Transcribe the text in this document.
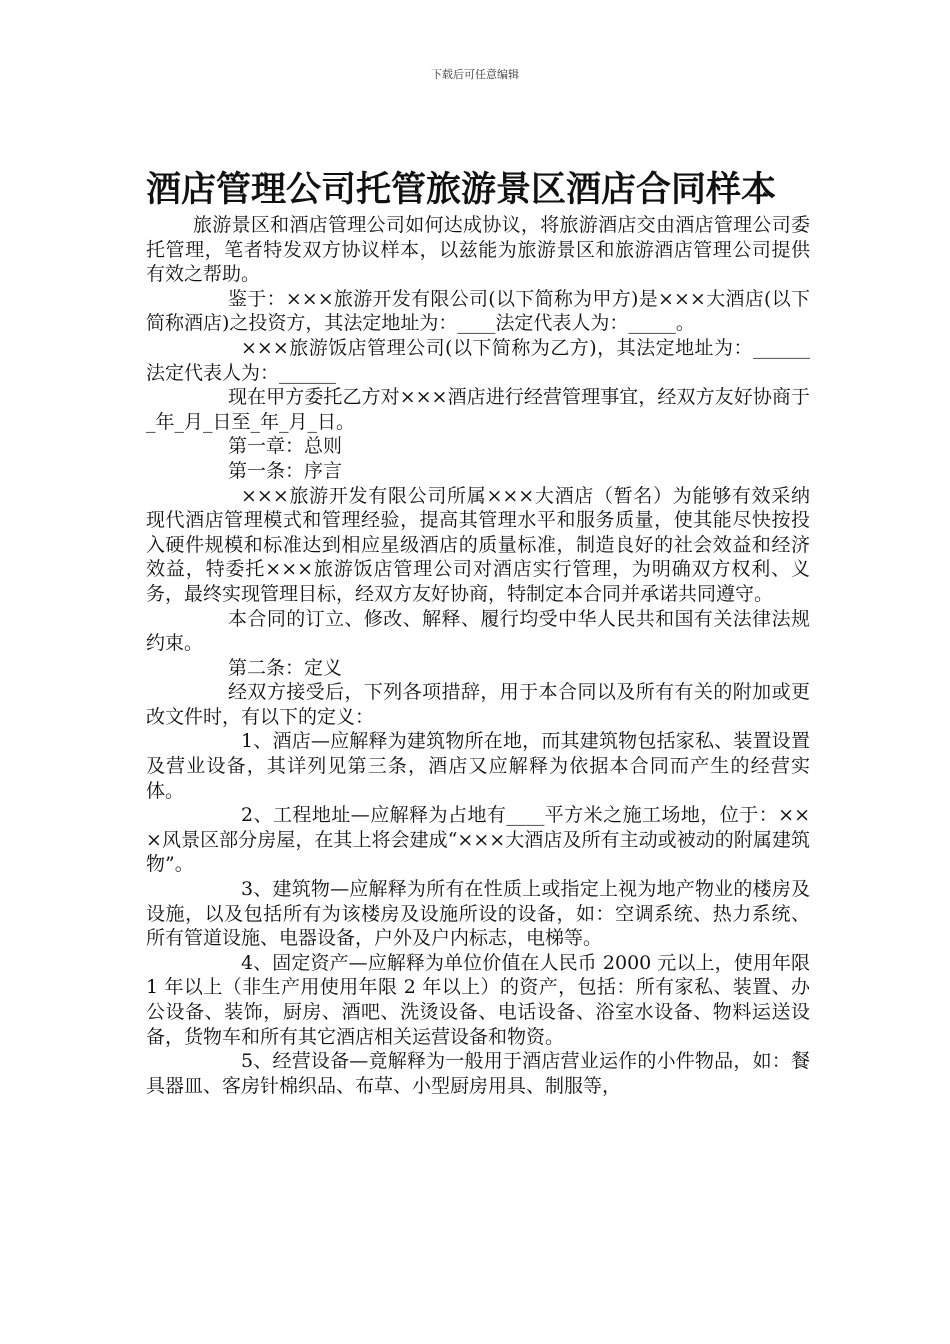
下载后可任意编辑
酒店管理公司托管旅游景区酒店合同样本

旅游景区和酒店管理公司如何达成协议，将旅游酒店交由酒店管理公司委托管理，笔者特发双方协议样本，以兹能为旅游景区和旅游酒店管理公司提供有效之帮助。

鉴于：×××旅游开发有限公司(以下简称为甲方)是×××大酒店(以下简称酒店)之投资方，其法定地址为：____法定代表人为：_____。

×××旅游饭店管理公司(以下简称为乙方)，其法定地址为：______法定代表人为：______

现在甲方委托乙方对×××酒店进行经营管理事宜，经双方友好协商于_年_月_日至_年_月_日。

第一章：总则

第一条：序言

×××旅游开发有限公司所属×××大酒店（暂名）为能够有效采纳现代酒店管理模式和管理经验，提高其管理水平和服务质量，使其能尽快按投入硬件规模和标准达到相应星级酒店的质量标准，制造良好的社会效益和经济效益，特委托×××旅游饭店管理公司对酒店实行管理，为明确双方权利、义务，最终实现管理目标，经双方友好协商，特制定本合同并承诺共同遵守。

本合同的订立、修改、解释、履行均受中华人民共和国有关法律法规约束。

第二条：定义

经双方接受后，下列各项措辞，用于本合同以及所有有关的附加或更改文件时，有以下的定义：

1、酒店—应解释为建筑物所在地，而其建筑物包括家私、装置设置及营业设备，其详列见第三条，酒店又应解释为依据本合同而产生的经营实体。

2、工程地址—应解释为占地有____平方米之施工场地，位于：×××风景区部分房屋，在其上将会建成“×××大酒店及所有主动或被动的附属建筑物”。

3、建筑物—应解释为所有在性质上或指定上视为地产物业的楼房及设施，以及包括所有为该楼房及设施所设的设备，如：空调系统、热力系统、所有管道设施、电器设备，户外及户内标志，电梯等。

4、固定资产—应解释为单位价值在人民币 2000 元以上，使用年限 1 年以上（非生产用使用年限 2 年以上）的资产，包括：所有家私、装置、办公设备、装饰，厨房、酒吧、洗烫设备、电话设备、浴室水设备、物料运送设备，货物车和所有其它酒店相关运营设备和物资。

5、经营设备—竟解释为一般用于酒店营业运作的小件物品，如：餐具器皿、客房针棉织品、布草、小型厨房用具、制服等，
